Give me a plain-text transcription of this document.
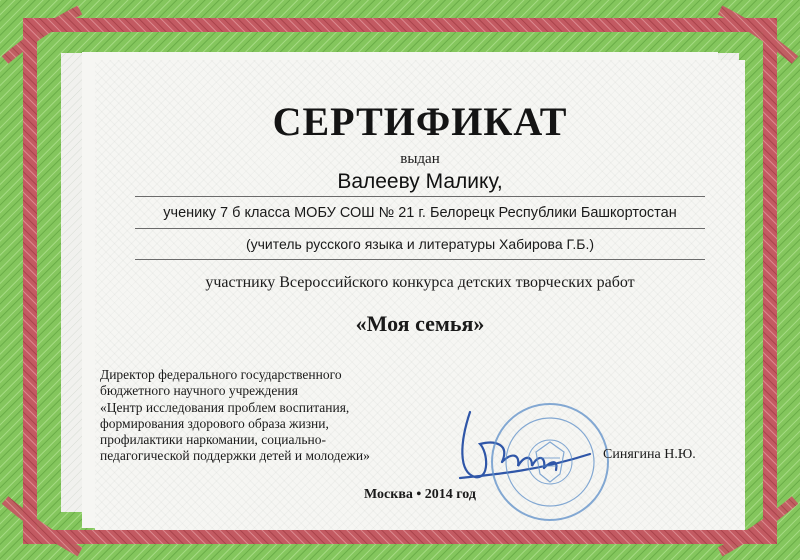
СЕРТИФИКАТ
выдан
Валееву Малику,
ученику 7 б класса МОБУ СОШ № 21 г. Белорецк Республики Башкортостан
(учитель русского языка и литературы Хабирова Г.Б.)
участнику Всероссийского конкурса детских творческих работ
«Моя семья»
Директор федерального государственного
бюджетного научного учреждения
«Центр исследования проблем воспитания,
формирования здорового образа жизни,
профилактики наркомании, социально-
педагогической поддержки детей и молодежи»	Синягина Н.Ю.
Москва • 2014 год
